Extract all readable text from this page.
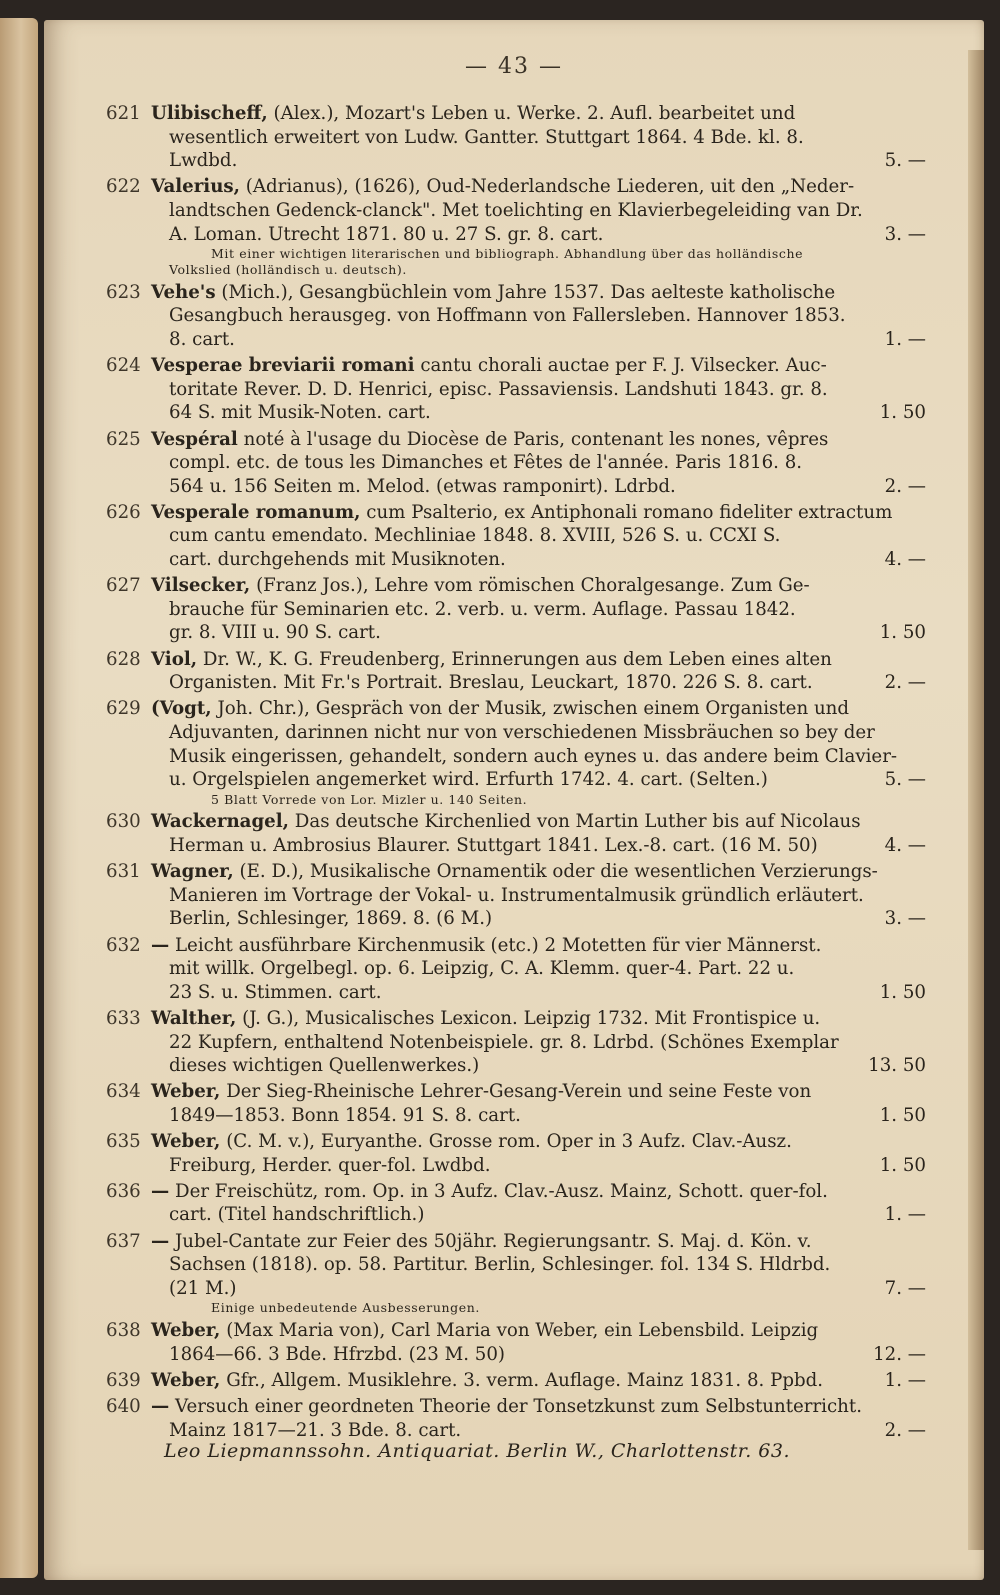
— 43 —
621 Ulibischeff, (Alex.), Mozart's Leben u. Werke. 2. Aufl. bearbeitet und
wesentlich erweitert von Ludw. Gantter. Stuttgart 1864. 4 Bde. kl. 8.
Lwdbd.	5. —
622 Valerius, (Adrianus), (1626), Oud-Nederlandsche Liederen, uit den „Neder-
landtschen Gedenck-clanck". Met toelichting en Klavierbegeleiding van Dr.
A. Loman. Utrecht 1871. 80 u. 27 S. gr. 8. cart.	3. —
Mit einer wichtigen literarischen und bibliograph. Abhandlung über das holländische
Volkslied (holländisch u. deutsch).
623 Vehe's (Mich.), Gesangbüchlein vom Jahre 1537. Das aelteste katholische
Gesangbuch herausgeg. von Hoffmann von Fallersleben. Hannover 1853.
8. cart.	1. —
624 Vesperae breviarii romani cantu chorali auctae per F. J. Vilsecker. Auc-
toritate Rever. D. D. Henrici, episc. Passaviensis. Landshuti 1843. gr. 8.
64 S. mit Musik-Noten. cart.	1. 50
625 Vespéral noté à l'usage du Diocèse de Paris, contenant les nones, vêpres
compl. etc. de tous les Dimanches et Fêtes de l'année. Paris 1816. 8.
564 u. 156 Seiten m. Melod. (etwas ramponirt). Ldrbd.	2. —
626 Vesperale romanum, cum Psalterio, ex Antiphonali romano fideliter extractum
cum cantu emendato. Mechliniae 1848. 8. XVIII, 526 S. u. CCXI S.
cart. durchgehends mit Musiknoten.	4. —
627 Vilsecker, (Franz Jos.), Lehre vom römischen Choralgesange. Zum Ge-
brauche für Seminarien etc. 2. verb. u. verm. Auflage. Passau 1842.
gr. 8. VIII u. 90 S. cart.	1. 50
628 Viol, Dr. W., K. G. Freudenberg, Erinnerungen aus dem Leben eines alten
Organisten. Mit Fr.'s Portrait. Breslau, Leuckart, 1870. 226 S. 8. cart.	2. —
629 (Vogt, Joh. Chr.), Gespräch von der Musik, zwischen einem Organisten und
Adjuvanten, darinnen nicht nur von verschiedenen Missbräuchen so bey der
Musik eingerissen, gehandelt, sondern auch eynes u. das andere beim Clavier-
u. Orgelspielen angemerket wird. Erfurth 1742. 4. cart. (Selten.)	5. —
5 Blatt Vorrede von Lor. Mizler u. 140 Seiten.
630 Wackernagel, Das deutsche Kirchenlied von Martin Luther bis auf Nicolaus
Herman u. Ambrosius Blaurer. Stuttgart 1841. Lex.-8. cart. (16 M. 50)	4. —
631 Wagner, (E. D.), Musikalische Ornamentik oder die wesentlichen Verzierungs-
Manieren im Vortrage der Vokal- u. Instrumentalmusik gründlich erläutert.
Berlin, Schlesinger, 1869. 8. (6 M.)	3. —
632 — Leicht ausführbare Kirchenmusik (etc.) 2 Motetten für vier Männerst.
mit willk. Orgelbegl. op. 6. Leipzig, C. A. Klemm. quer-4. Part. 22 u.
23 S. u. Stimmen. cart.	1. 50
633 Walther, (J. G.), Musicalisches Lexicon. Leipzig 1732. Mit Frontispice u.
22 Kupfern, enthaltend Notenbeispiele. gr. 8. Ldrbd. (Schönes Exemplar
dieses wichtigen Quellenwerkes.)	13. 50
634 Weber, Der Sieg-Rheinische Lehrer-Gesang-Verein und seine Feste von
1849—1853. Bonn 1854. 91 S. 8. cart.	1. 50
635 Weber, (C. M. v.), Euryanthe. Grosse rom. Oper in 3 Aufz. Clav.-Ausz.
Freiburg, Herder. quer-fol. Lwdbd.	1. 50
636 — Der Freischütz, rom. Op. in 3 Aufz. Clav.-Ausz. Mainz, Schott. quer-fol.
cart. (Titel handschriftlich.)	1. —
637 — Jubel-Cantate zur Feier des 50jähr. Regierungsantr. S. Maj. d. Kön. v.
Sachsen (1818). op. 58. Partitur. Berlin, Schlesinger. fol. 134 S. Hldrbd.
(21 M.)	7. —
Einige unbedeutende Ausbesserungen.
638 Weber, (Max Maria von), Carl Maria von Weber, ein Lebensbild. Leipzig
1864—66. 3 Bde. Hfrzbd. (23 M. 50)	12. —
639 Weber, Gfr., Allgem. Musiklehre. 3. verm. Auflage. Mainz 1831. 8. Ppbd.	1. —
640 — Versuch einer geordneten Theorie der Tonsetzkunst zum Selbstunterricht.
Mainz 1817—21. 3 Bde. 8. cart.	2. —
Leo Liepmannssohn. Antiquariat. Berlin W., Charlottenstr. 63.
